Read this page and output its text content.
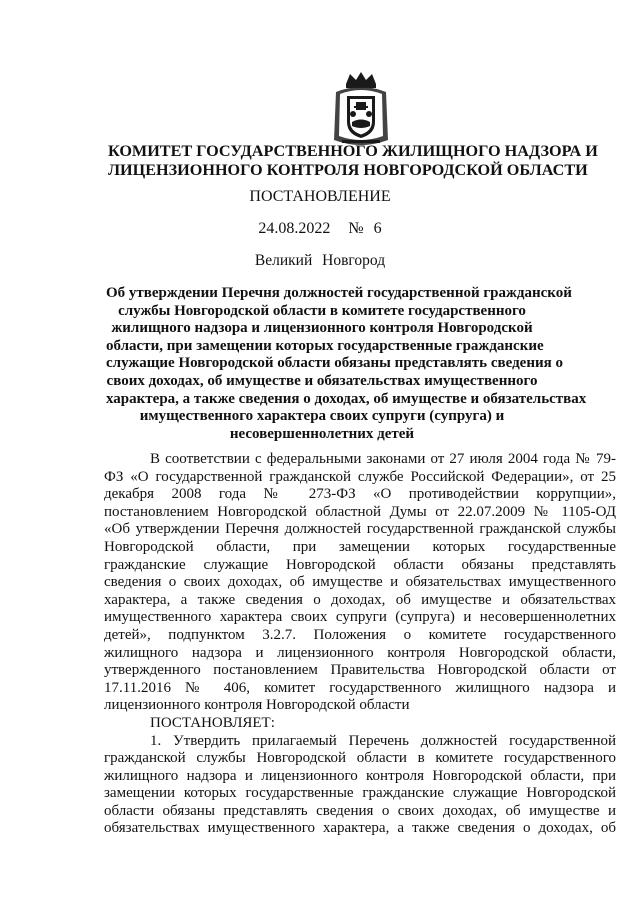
КОМИТЕТ ГОСУДАРСТВЕННОГО ЖИЛИЩНОГО НАДЗОРА И
ЛИЦЕНЗИОННОГО КОНТРОЛЯ НОВГОРОДСКОЙ ОБЛАСТИ
ПОСТАНОВЛЕНИЕ
24.08.2022 № 6
Великий Новгород
Об утверждении Перечня должностей государственной гражданской
службы Новгородской области в комитете государственного
жилищного надзора и лицензионного контроля Новгородской
области, при замещении которых государственные гражданские
служащие Новгородской области обязаны представлять сведения о
своих доходах, об имуществе и обязательствах имущественного
характера, а также сведения о доходах, об имуществе и обязательствах
имущественного характера своих супруги (супруга) и
несовершеннолетних детей
В соответствии с федеральными законами от 27 июля 2004 года № 79-
ФЗ «О государственной гражданской службе Российской Федерации», от 25
декабря 2008 года № 273-ФЗ «О противодействии коррупции»,
постановлением Новгородской областной Думы от 22.07.2009 № 1105-ОД
«Об утверждении Перечня должностей государственной гражданской службы
Новгородской области, при замещении которых государственные
гражданские служащие Новгородской области обязаны представлять
сведения о своих доходах, об имуществе и обязательствах имущественного
характера, а также сведения о доходах, об имуществе и обязательствах
имущественного характера своих супруги (супруга) и несовершеннолетних
детей», подпунктом 3.2.7. Положения о комитете государственного
жилищного надзора и лицензионного контроля Новгородской области,
утвержденного постановлением Правительства Новгородской области от
17.11.2016 № 406, комитет государственного жилищного надзора и
лицензионного контроля Новгородской области
ПОСТАНОВЛЯЕТ:
1. Утвердить прилагаемый Перечень должностей государственной
гражданской службы Новгородской области в комитете государственного
жилищного надзора и лицензионного контроля Новгородской области, при
замещении которых государственные гражданские служащие Новгородской
области обязаны представлять сведения о своих доходах, об имуществе и
обязательствах имущественного характера, а также сведения о доходах, об
